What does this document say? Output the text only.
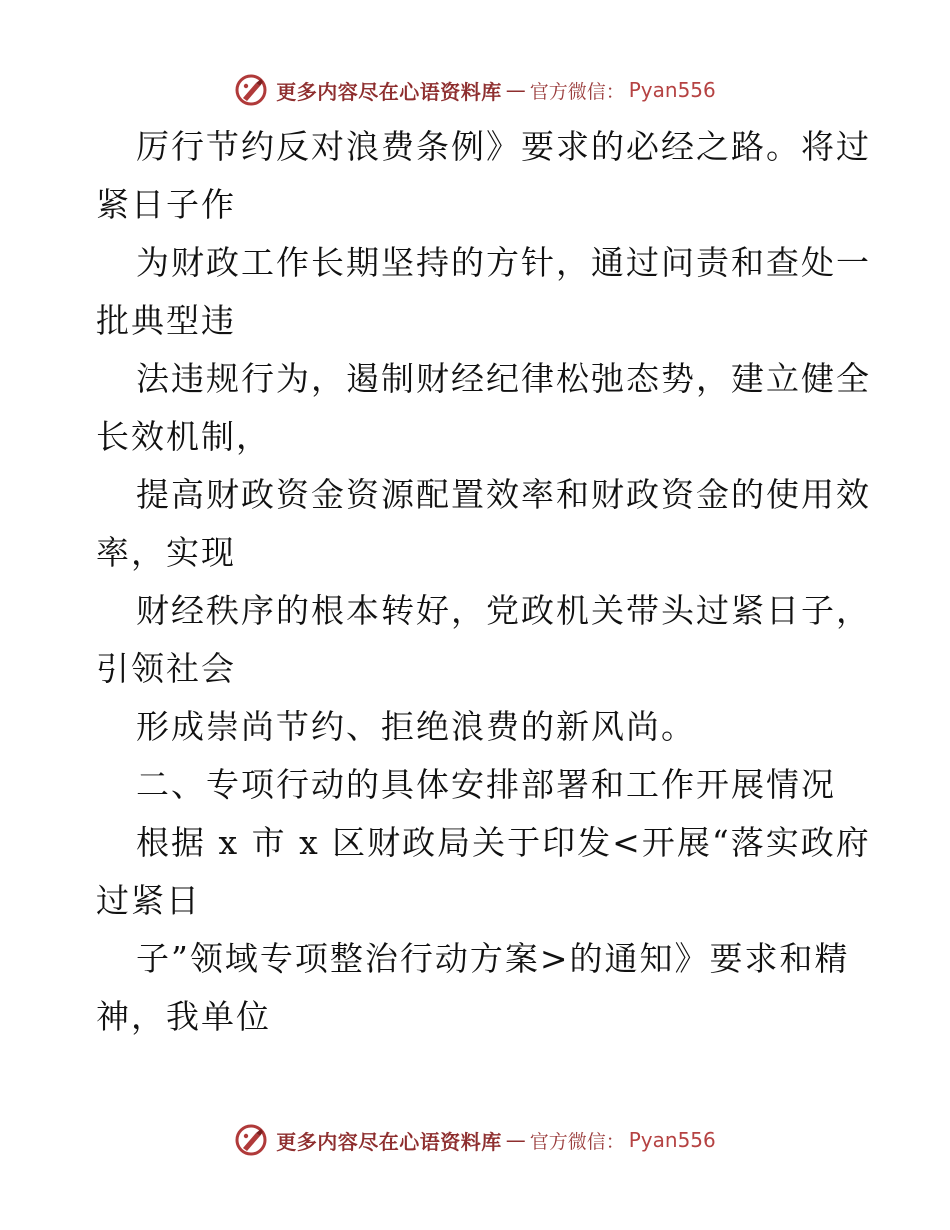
更多内容尽在心语资料库 — 官方微信： Pyan556
厉行节约反对浪费条例》要求的必经之路。将过
紧日子作
为财政工作长期坚持的方针，通过问责和查处一
批典型违
法违规行为，遏制财经纪律松弛态势，建立健全
长效机制，
提高财政资金资源配置效率和财政资金的使用效
率，实现
财经秩序的根本转好，党政机关带头过紧日子，
引领社会
形成崇尚节约、拒绝浪费的新风尚。
二、专项行动的具体安排部署和工作开展情况
根据 x 市 x 区财政局关于印发<开展“落实政府
过紧日
子”领域专项整治行动方案>的通知》要求和精
神，我单位
更多内容尽在心语资料库 — 官方微信： Pyan556
